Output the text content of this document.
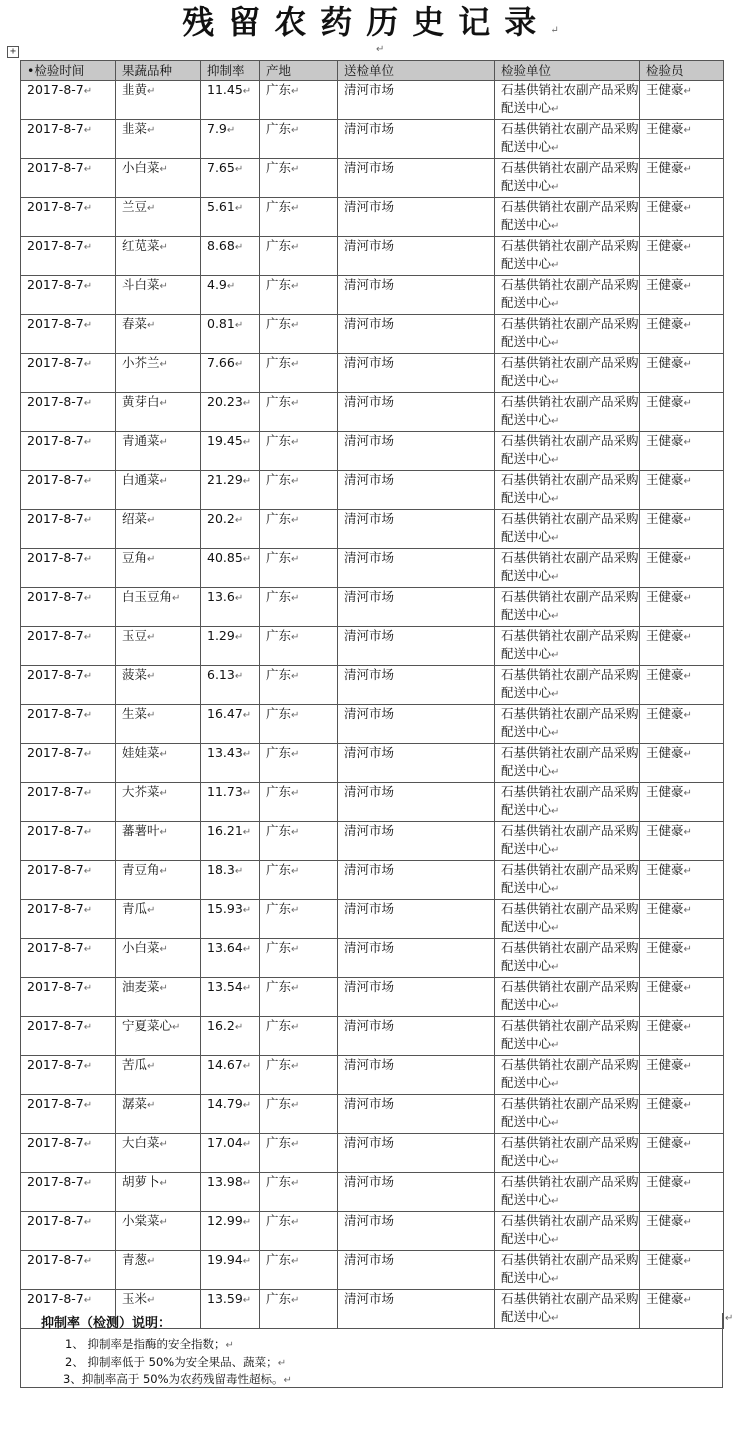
残留农药历史记录↵
+	↵
•检验时间	果蔬品种	抑制率	产地	送检单位	检验单位	检验员
2017-8-7↵	韭黄↵	11.45↵	广东↵	清河市场	石基供销社农副产品采购配送中心↵	王健豪↵
2017-8-7↵	韭菜↵	7.9↵	广东↵	清河市场	石基供销社农副产品采购配送中心↵	王健豪↵
2017-8-7↵	小白菜↵	7.65↵	广东↵	清河市场	石基供销社农副产品采购配送中心↵	王健豪↵
2017-8-7↵	兰豆↵	5.61↵	广东↵	清河市场	石基供销社农副产品采购配送中心↵	王健豪↵
2017-8-7↵	红苋菜↵	8.68↵	广东↵	清河市场	石基供销社农副产品采购配送中心↵	王健豪↵
2017-8-7↵	斗白菜↵	4.9↵	广东↵	清河市场	石基供销社农副产品采购配送中心↵	王健豪↵
2017-8-7↵	春菜↵	0.81↵	广东↵	清河市场	石基供销社农副产品采购配送中心↵	王健豪↵
2017-8-7↵	小芥兰↵	7.66↵	广东↵	清河市场	石基供销社农副产品采购配送中心↵	王健豪↵
2017-8-7↵	黄芽白↵	20.23↵	广东↵	清河市场	石基供销社农副产品采购配送中心↵	王健豪↵
2017-8-7↵	青通菜↵	19.45↵	广东↵	清河市场	石基供销社农副产品采购配送中心↵	王健豪↵
2017-8-7↵	白通菜↵	21.29↵	广东↵	清河市场	石基供销社农副产品采购配送中心↵	王健豪↵
2017-8-7↵	绍菜↵	20.2↵	广东↵	清河市场	石基供销社农副产品采购配送中心↵	王健豪↵
2017-8-7↵	豆角↵	40.85↵	广东↵	清河市场	石基供销社农副产品采购配送中心↵	王健豪↵
2017-8-7↵	白玉豆角↵	13.6↵	广东↵	清河市场	石基供销社农副产品采购配送中心↵	王健豪↵
2017-8-7↵	玉豆↵	1.29↵	广东↵	清河市场	石基供销社农副产品采购配送中心↵	王健豪↵
2017-8-7↵	菠菜↵	6.13↵	广东↵	清河市场	石基供销社农副产品采购配送中心↵	王健豪↵
2017-8-7↵	生菜↵	16.47↵	广东↵	清河市场	石基供销社农副产品采购配送中心↵	王健豪↵
2017-8-7↵	娃娃菜↵	13.43↵	广东↵	清河市场	石基供销社农副产品采购配送中心↵	王健豪↵
2017-8-7↵	大芥菜↵	11.73↵	广东↵	清河市场	石基供销社农副产品采购配送中心↵	王健豪↵
2017-8-7↵	蕃薯叶↵	16.21↵	广东↵	清河市场	石基供销社农副产品采购配送中心↵	王健豪↵
2017-8-7↵	青豆角↵	18.3↵	广东↵	清河市场	石基供销社农副产品采购配送中心↵	王健豪↵
2017-8-7↵	青瓜↵	15.93↵	广东↵	清河市场	石基供销社农副产品采购配送中心↵	王健豪↵
2017-8-7↵	小白菜↵	13.64↵	广东↵	清河市场	石基供销社农副产品采购配送中心↵	王健豪↵
2017-8-7↵	油麦菜↵	13.54↵	广东↵	清河市场	石基供销社农副产品采购配送中心↵	王健豪↵
2017-8-7↵	宁夏菜心↵	16.2↵	广东↵	清河市场	石基供销社农副产品采购配送中心↵	王健豪↵
2017-8-7↵	苦瓜↵	14.67↵	广东↵	清河市场	石基供销社农副产品采购配送中心↵	王健豪↵
2017-8-7↵	潺菜↵	14.79↵	广东↵	清河市场	石基供销社农副产品采购配送中心↵	王健豪↵
2017-8-7↵	大白菜↵	17.04↵	广东↵	清河市场	石基供销社农副产品采购配送中心↵	王健豪↵
2017-8-7↵	胡萝卜↵	13.98↵	广东↵	清河市场	石基供销社农副产品采购配送中心↵	王健豪↵
2017-8-7↵	小棠菜↵	12.99↵	广东↵	清河市场	石基供销社农副产品采购配送中心↵	王健豪↵
2017-8-7↵	青葱↵	19.94↵	广东↵	清河市场	石基供销社农副产品采购配送中心↵	王健豪↵
2017-8-7↵	玉米↵	13.59↵	广东↵	清河市场	石基供销社农副产品采购配送中心↵	王健豪↵
抑制率（检测）说明：
1、 抑制率是指酶的安全指数；↵
2、 抑制率低于 50%为安全果品、蔬菜；↵
3、抑制率高于 50%为农药残留毒性超标。↵
↵
